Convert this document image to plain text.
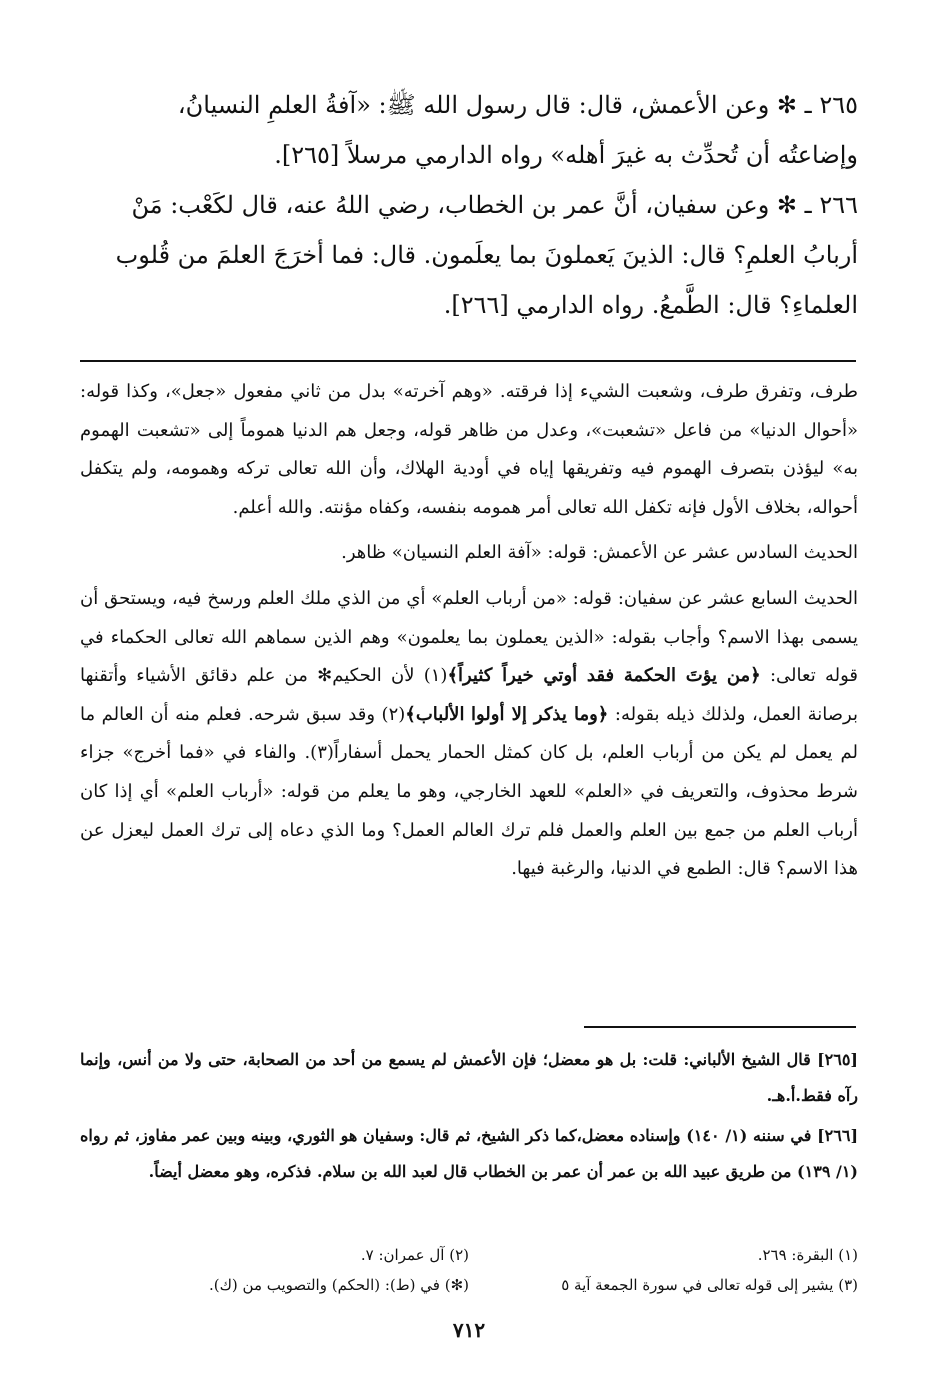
٢٦٥ ـ ✻ وعن الأعمش، قال: قال رسول الله ﷺ: «آفةُ العلمِ النسيانُ،

وإضاعتُه أن تُحدِّث به غيرَ أهله» رواه الدارمي مرسلاً [٢٦٥].

٢٦٦ ـ ✻ وعن سفيان، أنَّ عمر بن الخطاب، رضي اللهُ عنه، قال لكَعْب: مَنْ

أربابُ العلمِ؟ قال: الذينَ يَعملونَ بما يعلَمون. قال: فما أخرَجَ العلمَ من قُلوب

العلماءِ؟ قال: الطَّمعُ. رواه الدارمي [٢٦٦].

طرف، وتفرق طرف، وشعبت الشيء إذا فرقته. «وهم آخرته» بدل من ثاني مفعول «جعل»، وكذا قوله: «أحوال الدنيا» من فاعل «تشعبت»، وعدل من ظاهر قوله، وجعل هم الدنيا هموماً إلى «تشعبت الهموم به» ليؤذن بتصرف الهموم فيه وتفريقها إياه في أودية الهلاك، وأن الله تعالى تركه وهمومه، ولم يتكفل أحواله، بخلاف الأول فإنه تكفل الله تعالى أمر همومه بنفسه، وكفاه مؤنته. والله أعلم.

الحديث السادس عشر عن الأعمش: قوله: «آفة العلم النسيان» ظاهر.

الحديث السابع عشر عن سفيان: قوله: «من أرباب العلم» أي من الذي ملك العلم ورسخ فيه، ويستحق أن يسمى بهذا الاسم؟ وأجاب بقوله: «الذين يعملون بما يعلمون» وهم الذين سماهم الله تعالى الحكماء في قوله تعالى: ﴿من يؤتَ الحكمة فقد أوتي خيراً كثيراً﴾(١) لأن الحكيم✻ من علم دقائق الأشياء وأتقنها برصانة العمل، ولذلك ذيله بقوله: ﴿وما يذكر إلا أولوا الألباب﴾(٢) وقد سبق شرحه. فعلم منه أن العالم ما لم يعمل لم يكن من أرباب العلم، بل كان كمثل الحمار يحمل أسفاراً(٣). والفاء في «فما أخرج» جزاء شرط محذوف، والتعريف في «العلم» للعهد الخارجي، وهو ما يعلم من قوله: «أرباب العلم» أي إذا كان أرباب العلم من جمع بين العلم والعمل فلم ترك العالم العمل؟ وما الذي دعاه إلى ترك العمل ليعزل عن هذا الاسم؟ قال: الطمع في الدنيا، والرغبة فيها.

[٢٦٥] قال الشيخ الألباني: قلت: بل هو معضل؛ فإن الأعمش لم يسمع من أحد من الصحابة، حتى ولا من أنس، وإنما رآه فقط.أ.هـ.

[٢٦٦] في سننه (١/ ١٤٠) وإسناده معضل،كما ذكر الشيخ، ثم قال: وسفيان هو الثوري، وبينه وبين عمر مفاوز، ثم رواه (١/ ١٣٩) من طريق عبيد الله بن عمر أن عمر بن الخطاب قال لعبد الله بن سلام. فذكره، وهو معضل أيضاً.

(١) البقرة: ٢٦٩.
(٢) آل عمران: ٧.
(٣) يشير إلى قوله تعالى في سورة الجمعة آية ٥
(✻) في (ط): (الحكم) والتصويب من (ك).
٧١٢
